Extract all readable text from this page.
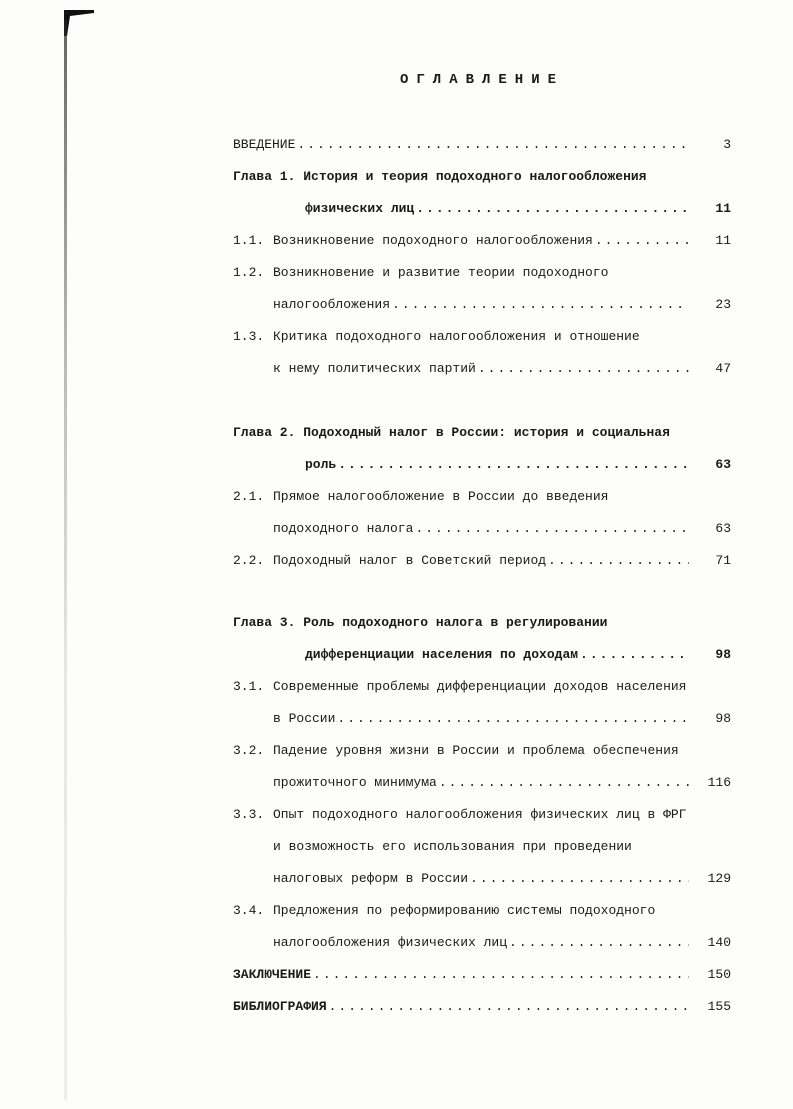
ОГЛАВЛЕНИЕ
ВВЕДЕНИЕ .....	3
Глава 1. История и теория подоходного налогообложения
физических лиц .....	11
1.1. Возникновение подоходного налогообложения .....	11
1.2. Возникновение и развитие теории подоходного
налогообложения .....	23
1.3. Критика подоходного налогообложения и отношение
к нему политических партий .....	47
Глава 2. Подоходный налог в России: история и социальная
роль .....	63
2.1. Прямое налогообложение в России до введения
подоходного налога .....	63
2.2. Подоходный налог в Советский период .....	71
Глава 3. Роль подоходного налога в регулировании
дифференциации населения по доходам .....	98
3.1. Современные проблемы дифференциации доходов населения
в России .....	98
3.2. Падение уровня жизни в России и проблема обеспечения
прожиточного минимума .....	116
3.3. Опыт подоходного налогообложения физических лиц в ФРГ
и возможность его использования при проведении
налоговых реформ в России .....	129
3.4. Предложения по реформированию системы подоходного
налогообложения физических лиц .....	140
ЗАКЛЮЧЕНИЕ .....	150
БИБЛИОГРАФИЯ .....	155
